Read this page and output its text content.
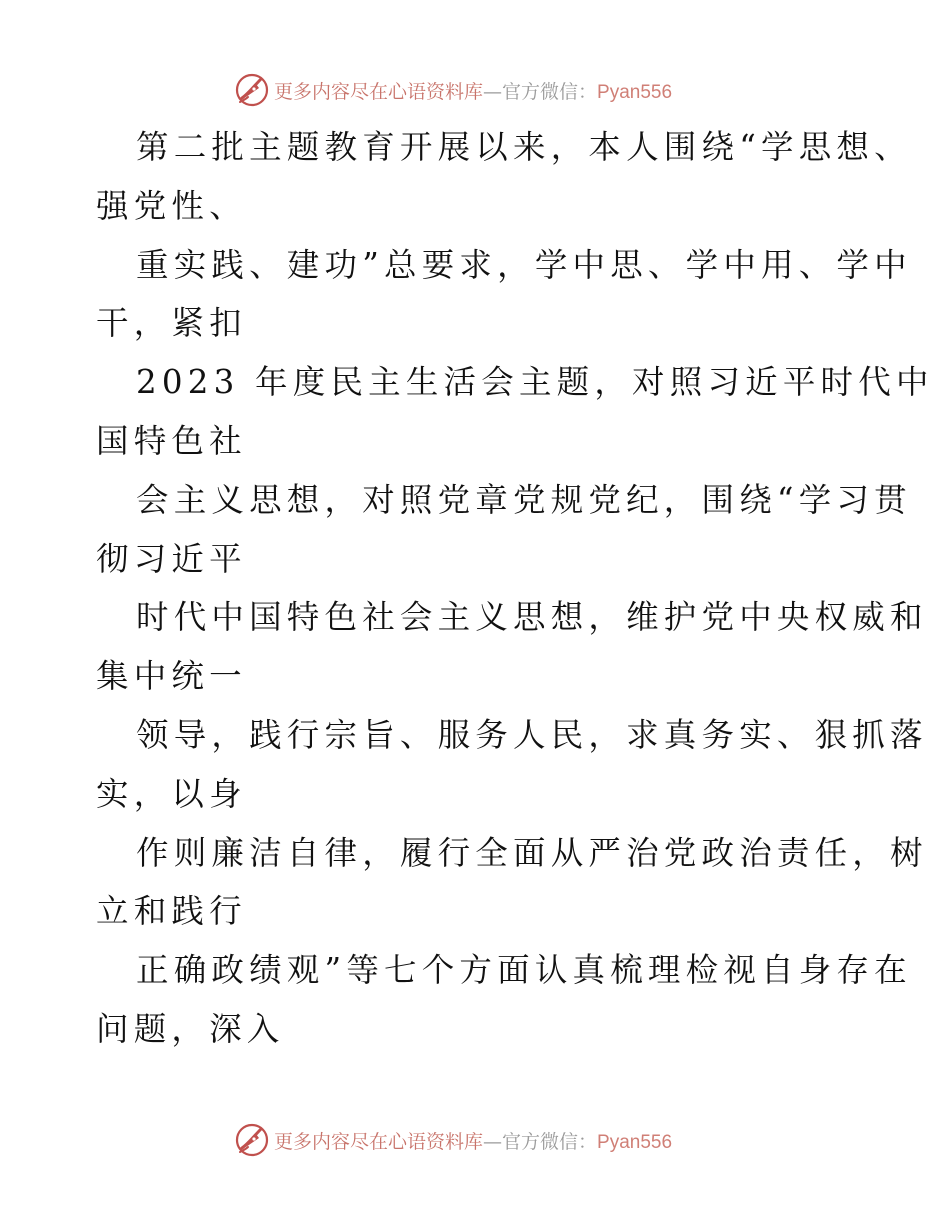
更多内容尽在心语资料库—官方微信：Pyan556
第二批主题教育开展以来，本人围绕“学思想、
强党性、
重实践、建功”总要求，学中思、学中用、学中
干，紧扣
2023 年度民主生活会主题，对照习近平时代中
国特色社
会主义思想，对照党章党规党纪，围绕“学习贯
彻习近平
时代中国特色社会主义思想，维护党中央权威和
集中统一
领导，践行宗旨、服务人民，求真务实、狠抓落
实，以身
作则廉洁自律，履行全面从严治党政治责任，树
立和践行
正确政绩观”等七个方面认真梳理检视自身存在
问题，深入
更多内容尽在心语资料库—官方微信：Pyan556
